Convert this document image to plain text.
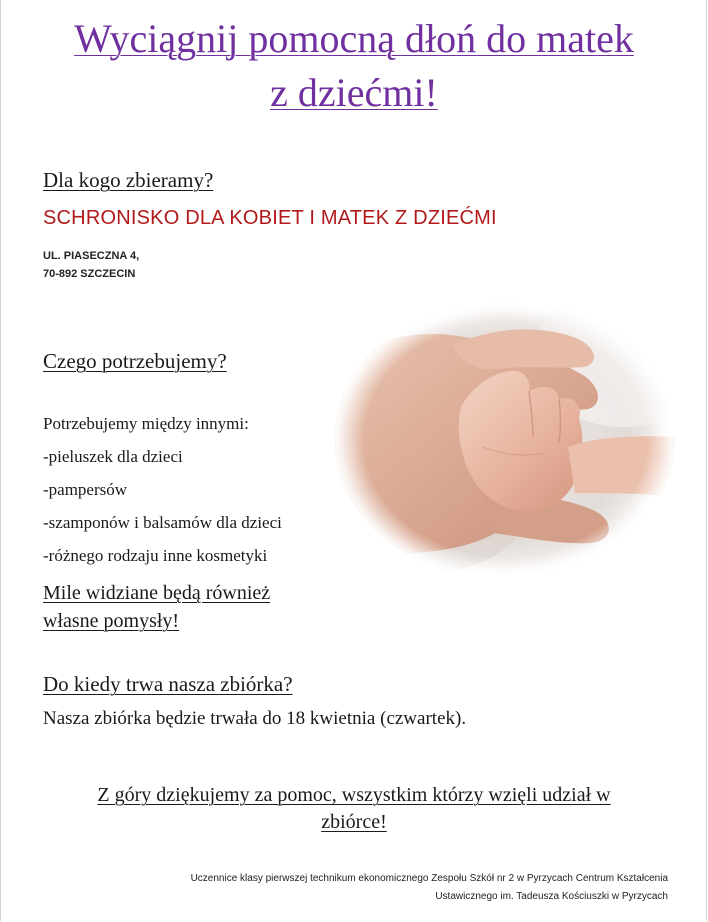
Wyciągnij pomocną dłoń do matek
z dziećmi!
Dla kogo zbieramy?
SCHRONISKO DLA KOBIET I MATEK Z DZIEĆMI
UL. PIASECZNA 4,
70-892 SZCZECIN
Czego potrzebujemy?
Potrzebujemy między innymi:
-pieluszek dla dzieci
-pampersów
-szamponów i balsamów dla dzieci
-różnego rodzaju inne kosmetyki
Mile widziane będą również
własne pomysły!
Do kiedy trwa nasza zbiórka?
Nasza zbiórka będzie trwała do 18 kwietnia (czwartek).
Z góry dziękujemy za pomoc, wszystkim którzy wzięli udział w
zbiórce!
Uczennice klasy pierwszej technikum ekonomicznego Zespołu Szkół nr 2 w Pyrzycach Centrum Kształcenia
Ustawicznego im. Tadeusza Kościuszki w Pyrzycach
